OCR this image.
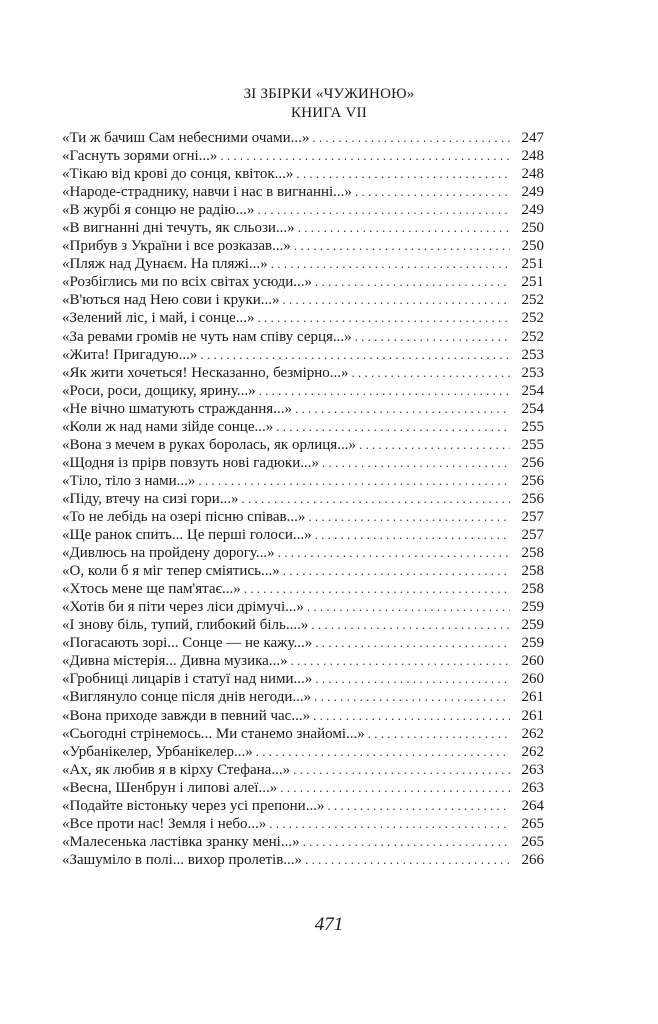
ЗІ ЗБІРКИ «ЧУЖИНОЮ»
КНИГА VII
«Ти ж бачиш Сам небесними очами...» . . .	247
«Гаснуть зорями огні...» . . .	248
«Тікаю від крові до сонця, квіток...» . . .	248
«Народе-страднику, навчи і нас в вигнанні...» . . .	249
«В журбі я сонцю не радію...» . . .	249
«В вигнанні дні течуть, як сльози...» . . .	250
«Прибув з України і все розказав...» . . .	250
«Пляж над Дунаєм. На пляжі...» . . .	251
«Розбіглись ми по всіх світах усюди...» . . .	251
«В'ються над Нею сови і круки...» . . .	252
«Зелений ліс, і май, і сонце...» . . .	252
«За ревами громів не чуть нам співу серця...» . . .	252
«Жита! Пригадую...» . . .	253
«Як жити хочеться! Несказанно, безмірно...» . . .	253
«Роси, роси, дощику, ярину...» . . .	254
«Не вічно шматують страждання...» . . .	254
«Коли ж над нами зійде сонце...» . . .	255
«Вона з мечем в руках боролась, як орлиця...» . . .	255
«Щодня із прірв повзуть нові гадюки...» . . .	256
«Тіло, тіло з нами...» . . .	256
«Піду, втечу на сизі гори...» . . .	256
«То не лебідь на озері пісню співав...» . . .	257
«Ще ранок спить... Це перші голоси...» . . .	257
«Дивлюсь на пройдену дорогу...» . . .	258
«О, коли б я міг тепер сміятись...» . . .	258
«Хтось мене ще пам'ятає...» . . .	258
«Хотів би я піти через ліси дрімучі...» . . .	259
«І знову біль, тупий, глибокий біль....» . . .	259
«Погасають зорі... Сонце — не кажу...» . . .	259
«Дивна містерія... Дивна музика...» . . .	260
«Гробниці лицарів і статуї над ними...» . . .	260
«Виглянуло сонце після днів негоди...» . . .	261
«Вона приходе завжди в певний час...» . . .	261
«Сьогодні стрінемось... Ми станемо знайомі...» . . .	262
«Урбанікелер, Урбанікелер...» . . .	262
«Ах, як любив я в кірху Стефана...» . . .	263
«Весна, Шенбрун і липові алеї...» . . .	263
«Подайте вістоньку через усі препони...» . . .	264
«Все проти нас! Земля і небо...» . . .	265
«Малесенька ластівка зранку мені...» . . .	265
«Зашуміло в полі... вихор пролетів...» . . .	266
471
